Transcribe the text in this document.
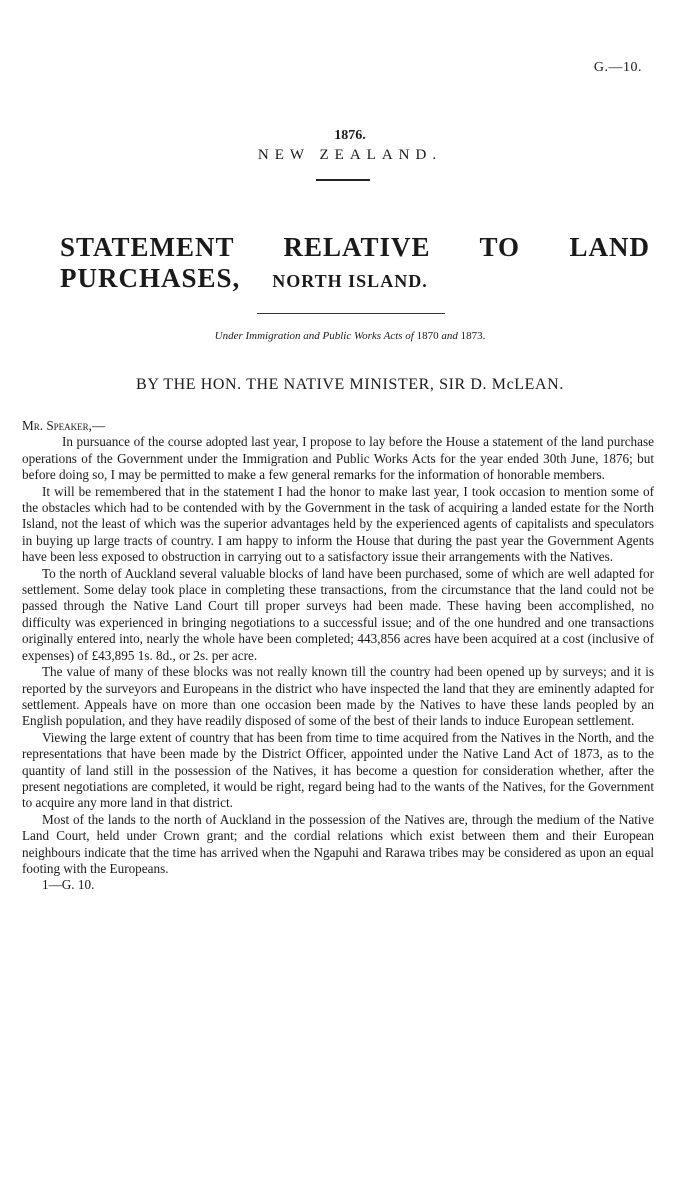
G.—10.
1876.
NEW ZEALAND.
STATEMENT RELATIVE TO LAND PURCHASES,	NORTH ISLAND.
Under Immigration and Public Works Acts of 1870 and 1873.
BY THE HON. THE NATIVE MINISTER, SIR D. McLEAN.

Mr. Speaker,—

In pursuance of the course adopted last year, I propose to lay before the House a statement of the land purchase operations of the Government under the Immigration and Public Works Acts for the year ended 30th June, 1876; but before doing so, I may be permitted to make a few general remarks for the information of honorable members.

It will be remembered that in the statement I had the honor to make last year, I took occasion to mention some of the obstacles which had to be contended with by the Government in the task of acquiring a landed estate for the North Island, not the least of which was the superior advantages held by the experienced agents of capitalists and speculators in buying up large tracts of country. I am happy to inform the House that during the past year the Government Agents have been less exposed to obstruction in carrying out to a satisfactory issue their arrangements with the Natives.

To the north of Auckland several valuable blocks of land have been purchased, some of which are well adapted for settlement. Some delay took place in completing these transactions, from the circumstance that the land could not be passed through the Native Land Court till proper surveys had been made. These having been accomplished, no difficulty was experienced in bringing negotiations to a successful issue; and of the one hundred and one transactions originally entered into, nearly the whole have been completed; 443,856 acres have been acquired at a cost (inclusive of expenses) of £43,895 1s. 8d., or 2s. per acre.

The value of many of these blocks was not really known till the country had been opened up by surveys; and it is reported by the surveyors and Europeans in the district who have inspected the land that they are eminently adapted for settlement. Appeals have on more than one occasion been made by the Natives to have these lands peopled by an English population, and they have readily disposed of some of the best of their lands to induce European settlement.

Viewing the large extent of country that has been from time to time acquired from the Natives in the North, and the representations that have been made by the District Officer, appointed under the Native Land Act of 1873, as to the quantity of land still in the possession of the Natives, it has become a question for consideration whether, after the present negotiations are completed, it would be right, regard being had to the wants of the Natives, for the Government to acquire any more land in that district.

Most of the lands to the north of Auckland in the possession of the Natives are, through the medium of the Native Land Court, held under Crown grant; and the cordial relations which exist between them and their European neighbours indicate that the time has arrived when the Ngapuhi and Rarawa tribes may be considered as upon an equal footing with the Europeans.

1—G. 10.
